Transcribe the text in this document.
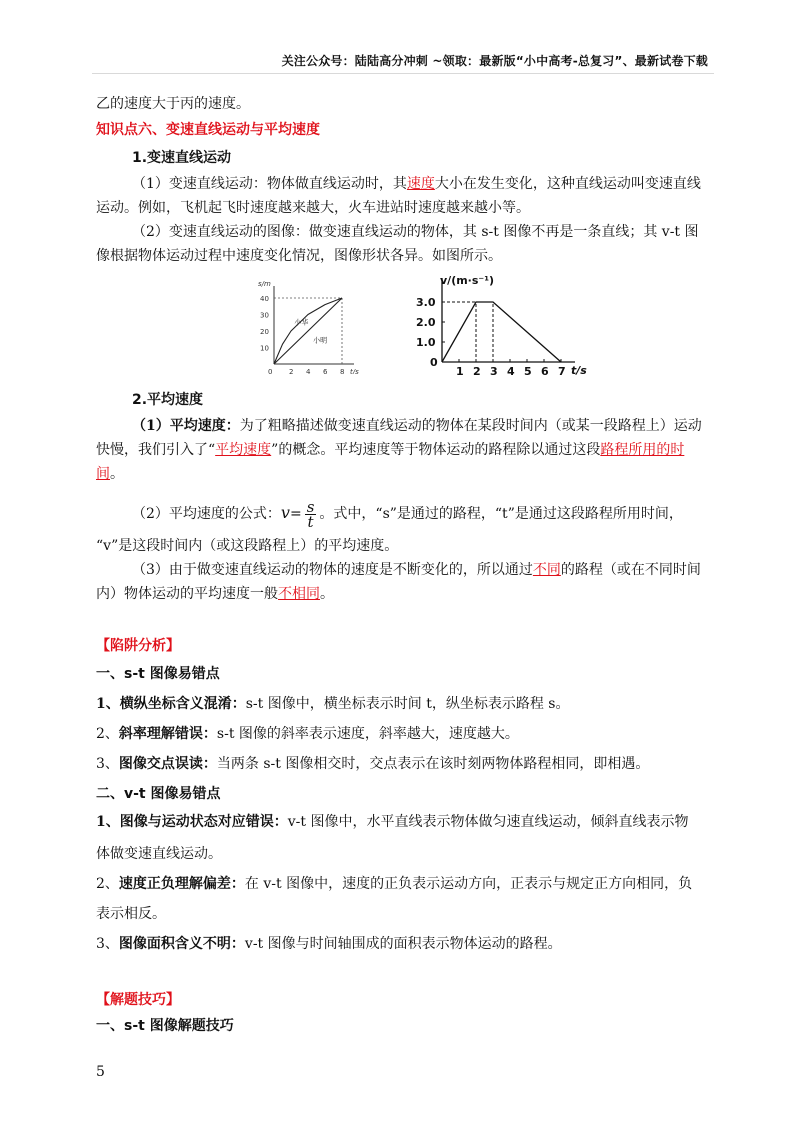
关注公众号：陆陆高分冲刺 ~领取：最新版“小中高考-总复习”、最新试卷下载
乙的速度大于丙的速度。
知识点六、变速直线运动与平均速度
1.变速直线运动
（1）变速直线运动：物体做直线运动时，其速度大小在发生变化，这种直线运动叫变速直线
运动。例如，飞机起飞时速度越来越大，火车进站时速度越来越小等。
（2）变速直线运动的图像：做变速直线运动的物体，其 s-t 图像不再是一条直线；其 v-t 图
像根据物体运动过程中速度变化情况，图像形状各异。如图所示。
s/m
t/s
0 2 4 6 8
10
20
30
40
小华
小明
v/(m·s⁻¹)
t/s
0
1 2 3 4 5 6 7
1.0
2.0
3.0
2.平均速度
（1）平均速度：为了粗略描述做变速直线运动的物体在某段时间内（或某一段路程上）运动
快慢，我们引入了“平均速度”的概念。平均速度等于物体运动的路程除以通过这段路程所用的时
间。
（2）平均速度的公式：$v= \frac{s}{t}$ 。式中，“s”是通过的路程，“t”是通过这段路程所用时间，
“v”是这段时间内（或这段路程上）的平均速度。
（3）由于做变速直线运动的物体的速度是不断变化的，所以通过不同的路程（或在不同时间
内）物体运动的平均速度一般不相同。
【陷阱分析】
一、s-t 图像易错点
1、横纵坐标含义混淆：s-t 图像中，横坐标表示时间 t，纵坐标表示路程 s。
2、斜率理解错误：s-t 图像的斜率表示速度，斜率越大，速度越大。
3、图像交点误读：当两条 s-t 图像相交时，交点表示在该时刻两物体路程相同，即相遇。
二、v-t 图像易错点
1、图像与运动状态对应错误：v-t 图像中，水平直线表示物体做匀速直线运动，倾斜直线表示物
体做变速直线运动。
2、速度正负理解偏差：在 v-t 图像中，速度的正负表示运动方向，正表示与规定正方向相同，负
表示相反。
3、图像面积含义不明：v-t 图像与时间轴围成的面积表示物体运动的路程。
【解题技巧】
一、s-t 图像解题技巧
5
